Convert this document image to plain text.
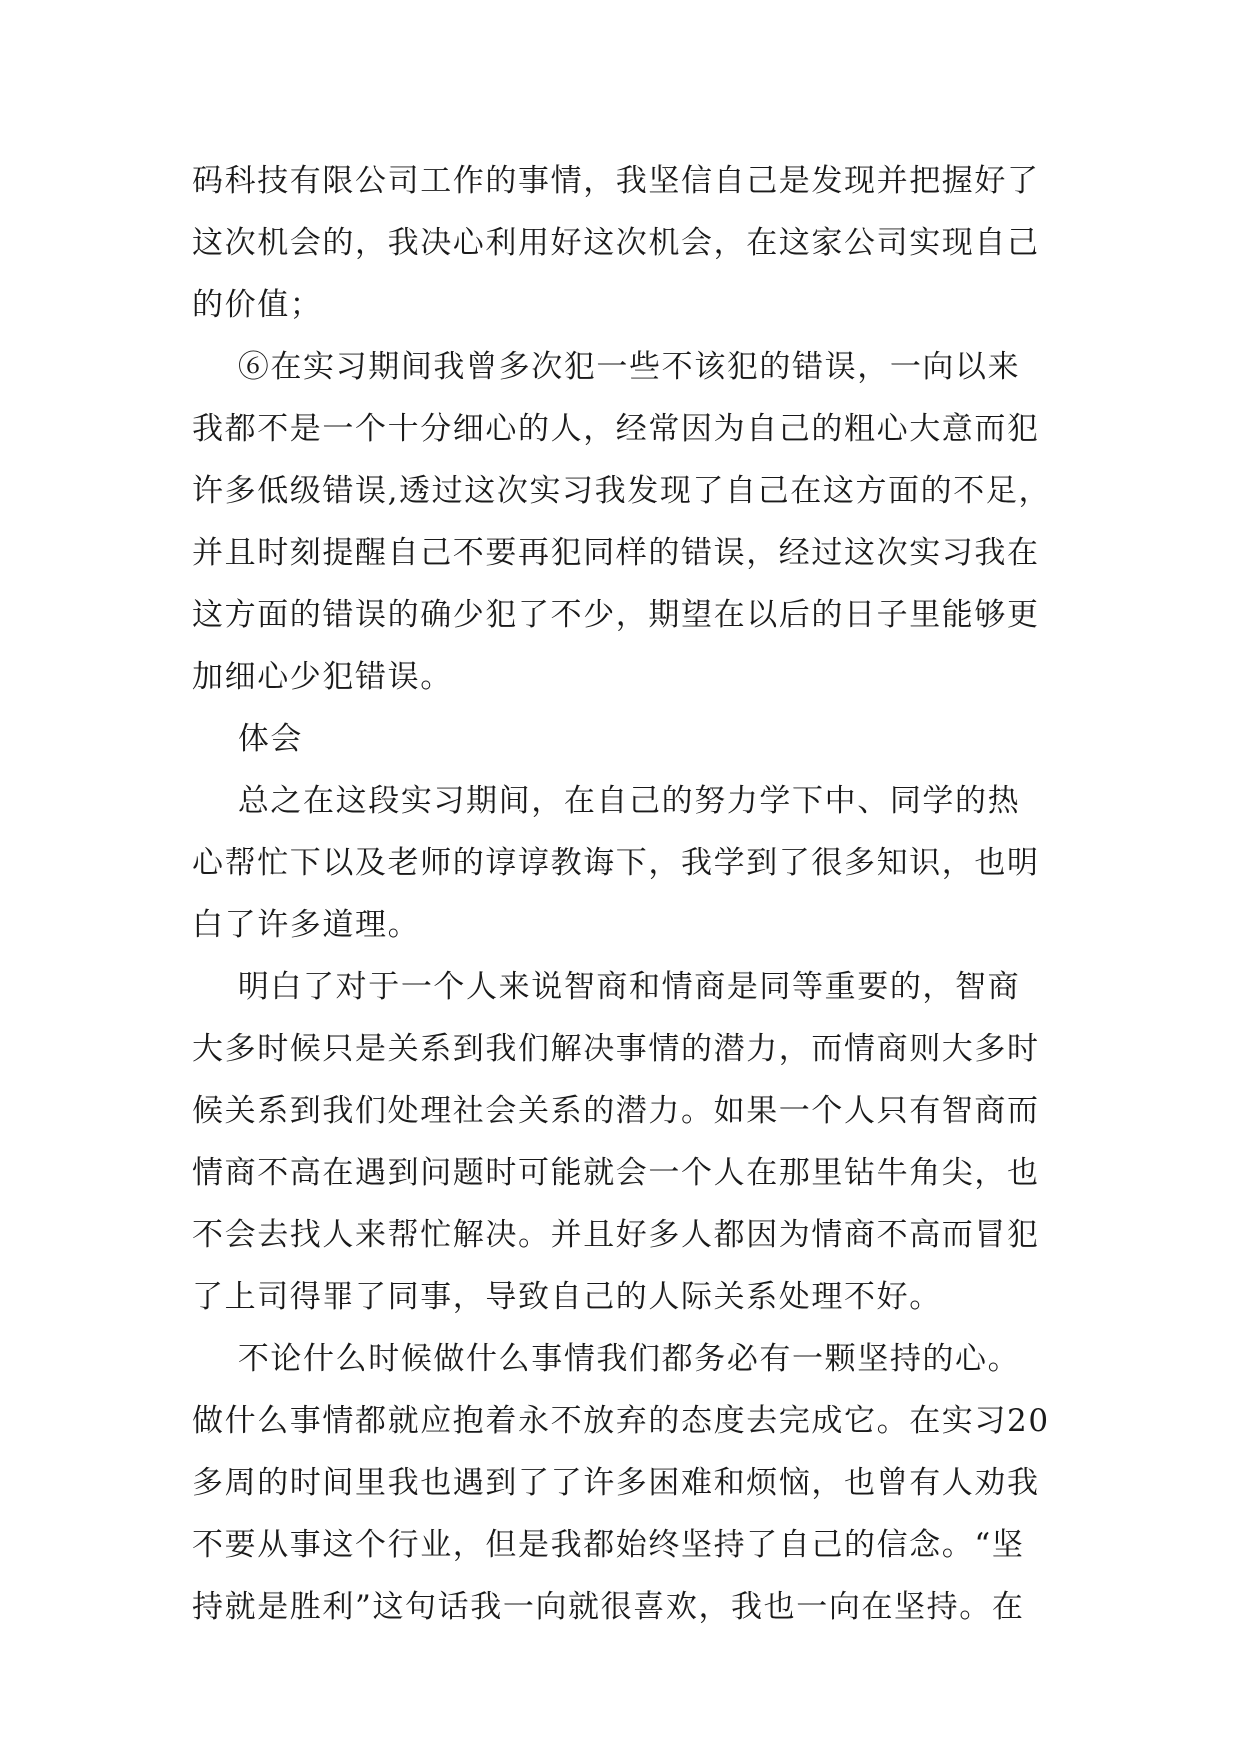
码科技有限公司工作的事情，我坚信自己是发现并把握好了
这次机会的，我决心利用好这次机会，在这家公司实现自己
的价值；
⑥在实习期间我曾多次犯一些不该犯的错误，一向以来
我都不是一个十分细心的人，经常因为自己的粗心大意而犯
许多低级错误,透过这次实习我发现了自己在这方面的不足，
并且时刻提醒自己不要再犯同样的错误，经过这次实习我在
这方面的错误的确少犯了不少，期望在以后的日子里能够更
加细心少犯错误。
体会
总之在这段实习期间，在自己的努力学下中、同学的热
心帮忙下以及老师的谆谆教诲下，我学到了很多知识，也明
白了许多道理。
明白了对于一个人来说智商和情商是同等重要的，智商
大多时候只是关系到我们解决事情的潜力，而情商则大多时
候关系到我们处理社会关系的潜力。如果一个人只有智商而
情商不高在遇到问题时可能就会一个人在那里钻牛角尖，也
不会去找人来帮忙解决。并且好多人都因为情商不高而冒犯
了上司得罪了同事，导致自己的人际关系处理不好。
不论什么时候做什么事情我们都务必有一颗坚持的心。
做什么事情都就应抱着永不放弃的态度去完成它。在实习20
多周的时间里我也遇到了了许多困难和烦恼，也曾有人劝我
不要从事这个行业，但是我都始终坚持了自己的信念。“坚
持就是胜利”这句话我一向就很喜欢，我也一向在坚持。在
